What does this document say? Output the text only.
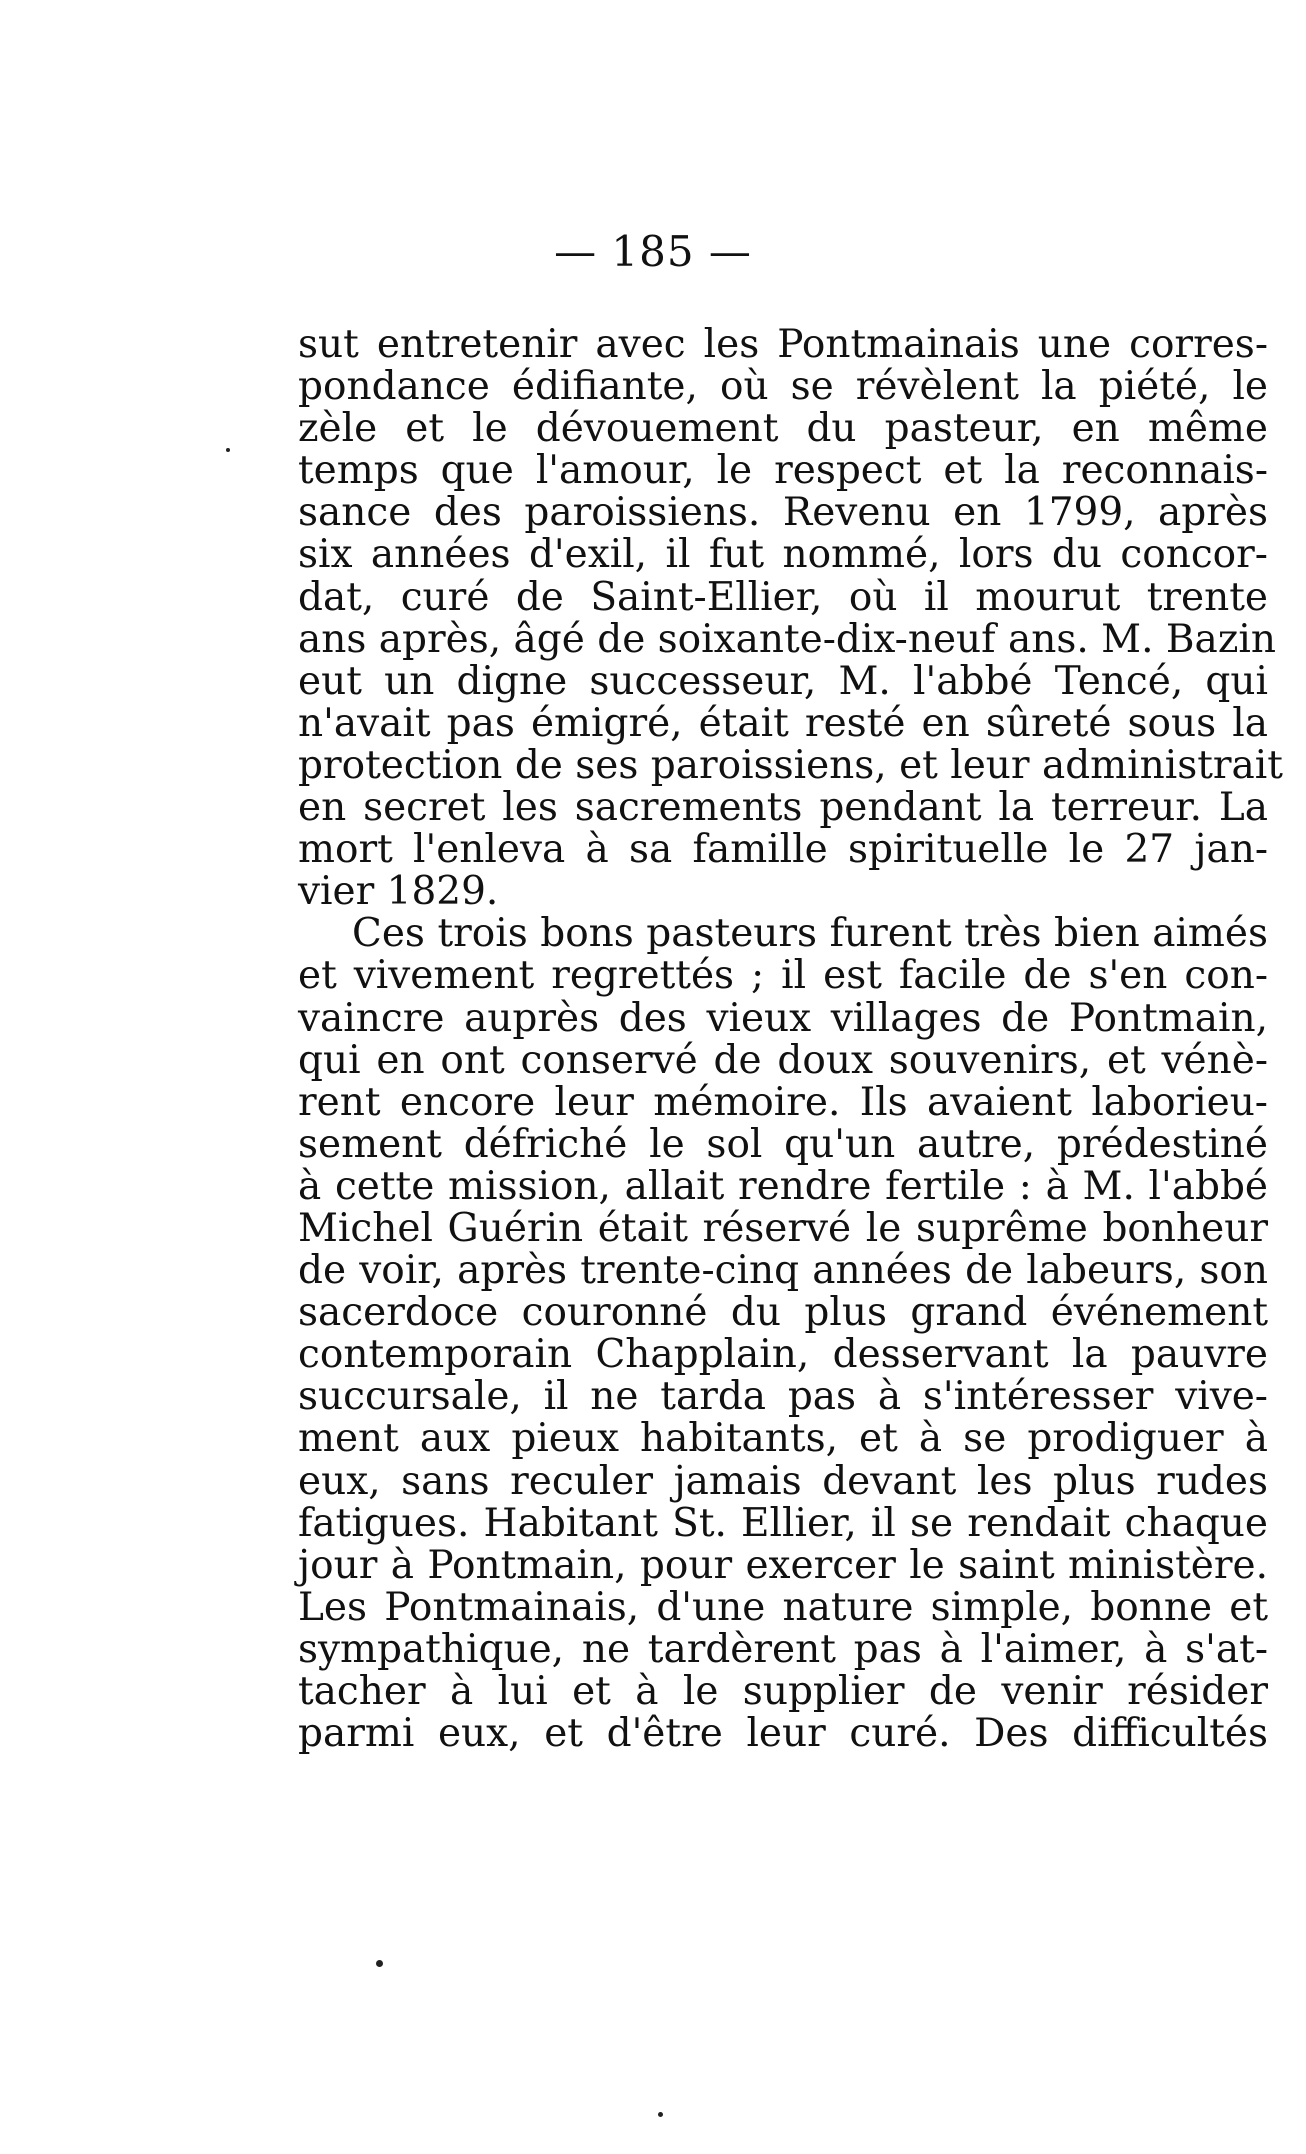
— 185 —
sut entretenir avec les Pontmainais une corres-
pondance édifiante, où se révèlent la piété, le
zèle et le dévouement du pasteur, en même
temps que l'amour, le respect et la reconnais-
sance des paroissiens. Revenu en 1799, après
six années d'exil, il fut nommé, lors du concor-
dat, curé de Saint-Ellier, où il mourut trente
ans après, âgé de soixante-dix-neuf ans. M. Bazin
eut un digne successeur, M. l'abbé Tencé, qui
n'avait pas émigré, était resté en sûreté sous la
protection de ses paroissiens, et leur administrait
en secret les sacrements pendant la terreur. La
mort l'enleva à sa famille spirituelle le 27 jan-
vier 1829.
Ces trois bons pasteurs furent très bien aimés
et vivement regrettés ; il est facile de s'en con-
vaincre auprès des vieux villages de Pontmain,
qui en ont conservé de doux souvenirs, et vénè-
rent encore leur mémoire. Ils avaient laborieu-
sement défriché le sol qu'un autre, prédestiné
à cette mission, allait rendre fertile : à M. l'abbé
Michel Guérin était réservé le suprême bonheur
de voir, après trente-cinq années de labeurs, son
sacerdoce couronné du plus grand événement
contemporain Chapplain, desservant la pauvre
succursale, il ne tarda pas à s'intéresser vive-
ment aux pieux habitants, et à se prodiguer à
eux, sans reculer jamais devant les plus rudes
fatigues. Habitant St. Ellier, il se rendait chaque
jour à Pontmain, pour exercer le saint ministère.
Les Pontmainais, d'une nature simple, bonne et
sympathique, ne tardèrent pas à l'aimer, à s'at-
tacher à lui et à le supplier de venir résider
parmi eux, et d'être leur curé. Des difficultés
